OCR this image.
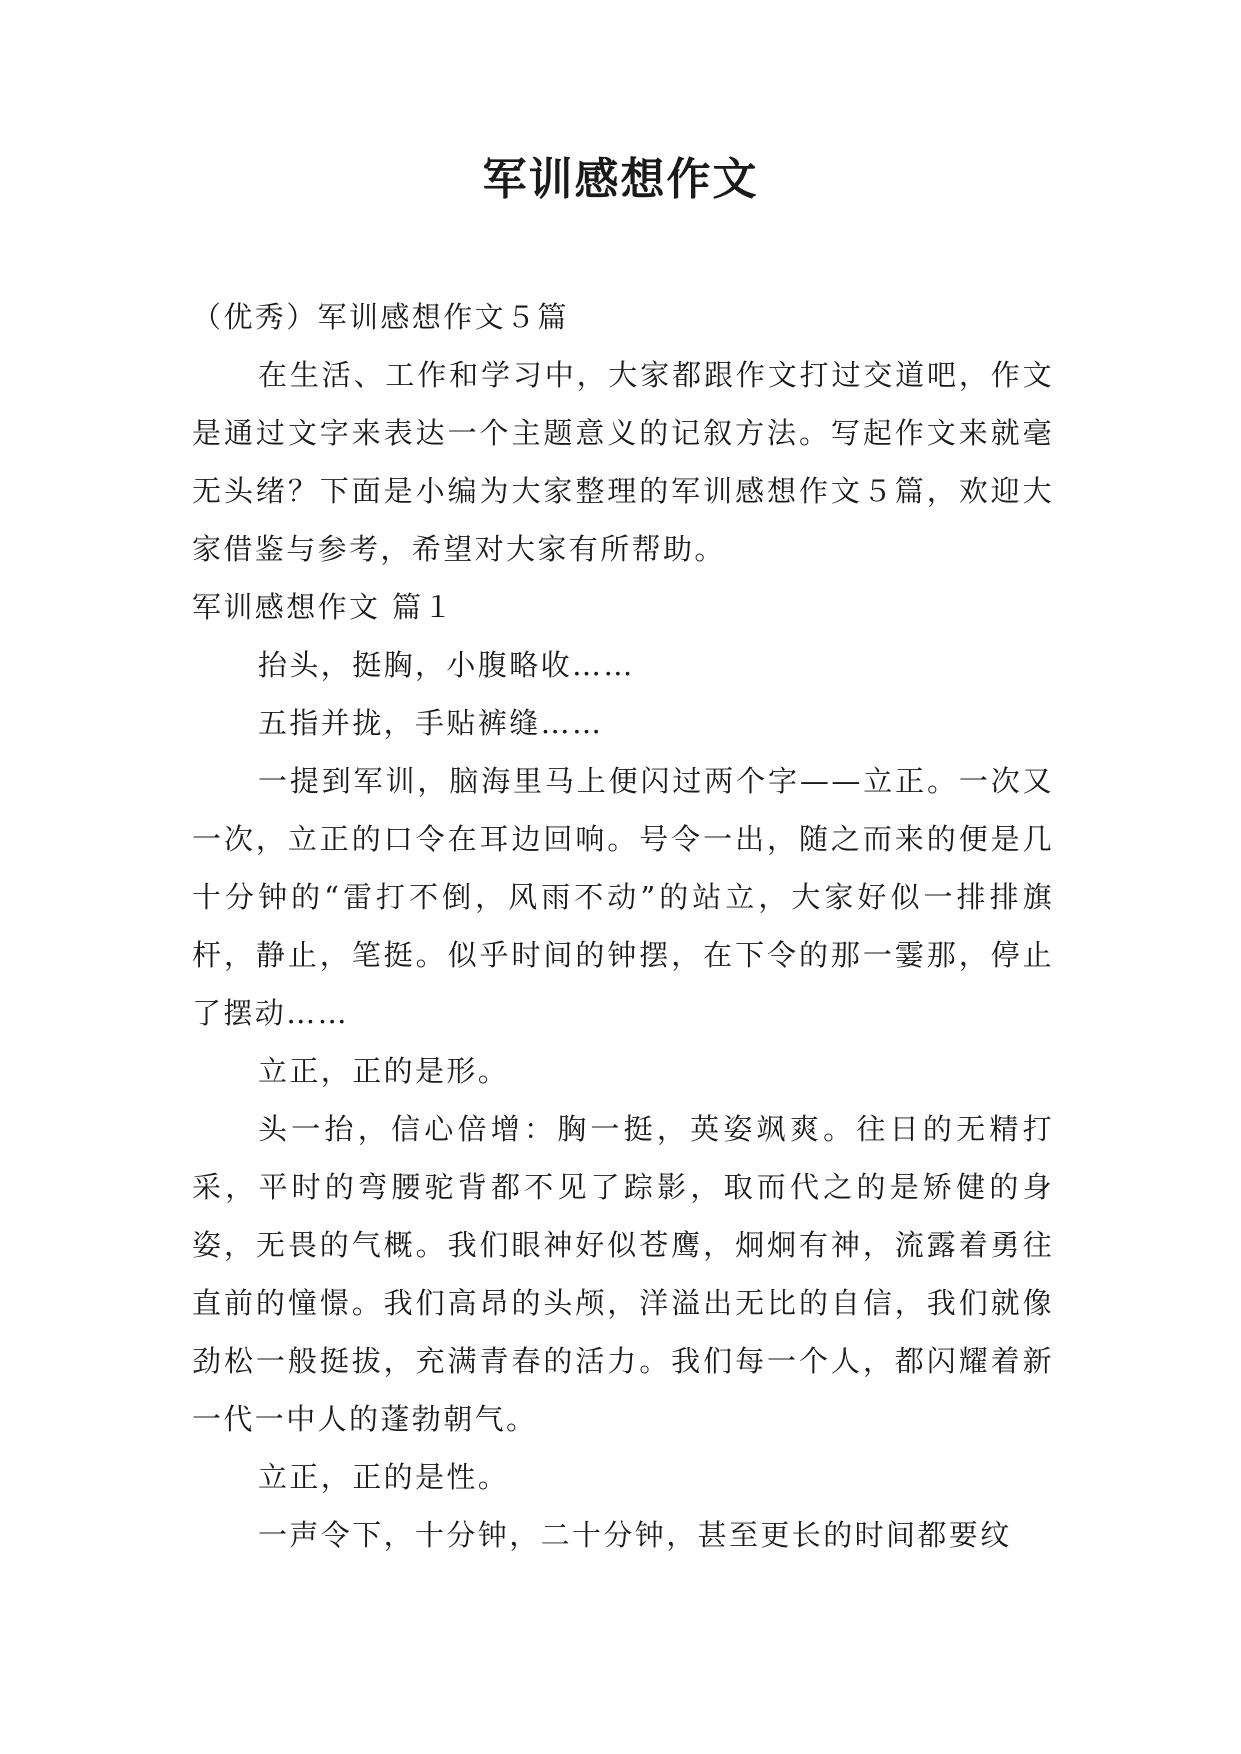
军训感想作文

（优秀）军训感想作文５篇

在生活、工作和学习中，大家都跟作文打过交道吧，作文是通过文字来表达一个主题意义的记叙方法。写起作文来就毫无头绪？下面是小编为大家整理的军训感想作文５篇，欢迎大家借鉴与参考，希望对大家有所帮助。

军训感想作文 篇１

抬头，挺胸，小腹略收……

五指并拢，手贴裤缝……

一提到军训，脑海里马上便闪过两个字——立正。一次又一次，立正的口令在耳边回响。号令一出，随之而来的便是几十分钟的“雷打不倒，风雨不动”的站立，大家好似一排排旗杆，静止，笔挺。似乎时间的钟摆，在下令的那一霎那，停止了摆动……

立正，正的是形。

头一抬，信心倍增：胸一挺，英姿飒爽。往日的无精打采，平时的弯腰驼背都不见了踪影，取而代之的是矫健的身姿，无畏的气概。我们眼神好似苍鹰，炯炯有神，流露着勇往直前的憧憬。我们高昂的头颅，洋溢出无比的自信，我们就像劲松一般挺拔，充满青春的活力。我们每一个人，都闪耀着新一代一中人的蓬勃朝气。

立正，正的是性。

一声令下，十分钟，二十分钟，甚至更长的时间都要纹
